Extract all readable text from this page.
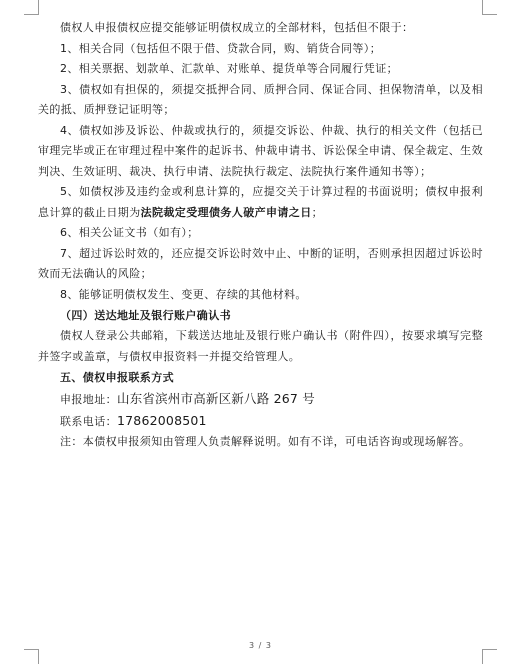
债权人申报债权应提交能够证明债权成立的全部材料，包括但不限于：

1、相关合同（包括但不限于借、贷款合同，购、销货合同等）；

2、相关票据、划款单、汇款单、对账单、提货单等合同履行凭证；

3、债权如有担保的，须提交抵押合同、质押合同、保证合同、担保物清单，以及相关的抵、质押登记证明等；

4、债权如涉及诉讼、仲裁或执行的，须提交诉讼、仲裁、执行的相关文件（包括已审理完毕或正在审理过程中案件的起诉书、仲裁申请书、诉讼保全申请、保全裁定、生效判决、生效证明、裁决、执行申请、法院执行裁定、法院执行案件通知书等）；

5、如债权涉及违约金或利息计算的，应提交关于计算过程的书面说明；债权申报利息计算的截止日期为法院裁定受理债务人破产申请之日；

6、相关公证文书（如有）；

7、超过诉讼时效的，还应提交诉讼时效中止、中断的证明，否则承担因超过诉讼时效而无法确认的风险；

8、能够证明债权发生、变更、存续的其他材料。

（四）送达地址及银行账户确认书

债权人登录公共邮箱，下载送达地址及银行账户确认书（附件四），按要求填写完整并签字或盖章，与债权申报资料一并提交给管理人。

五、债权申报联系方式

申报地址：山东省滨州市高新区新八路 267 号

联系电话：17862008501

注：本债权申报须知由管理人负责解释说明。如有不详，可电话咨询或现场解答。

3 / 3
